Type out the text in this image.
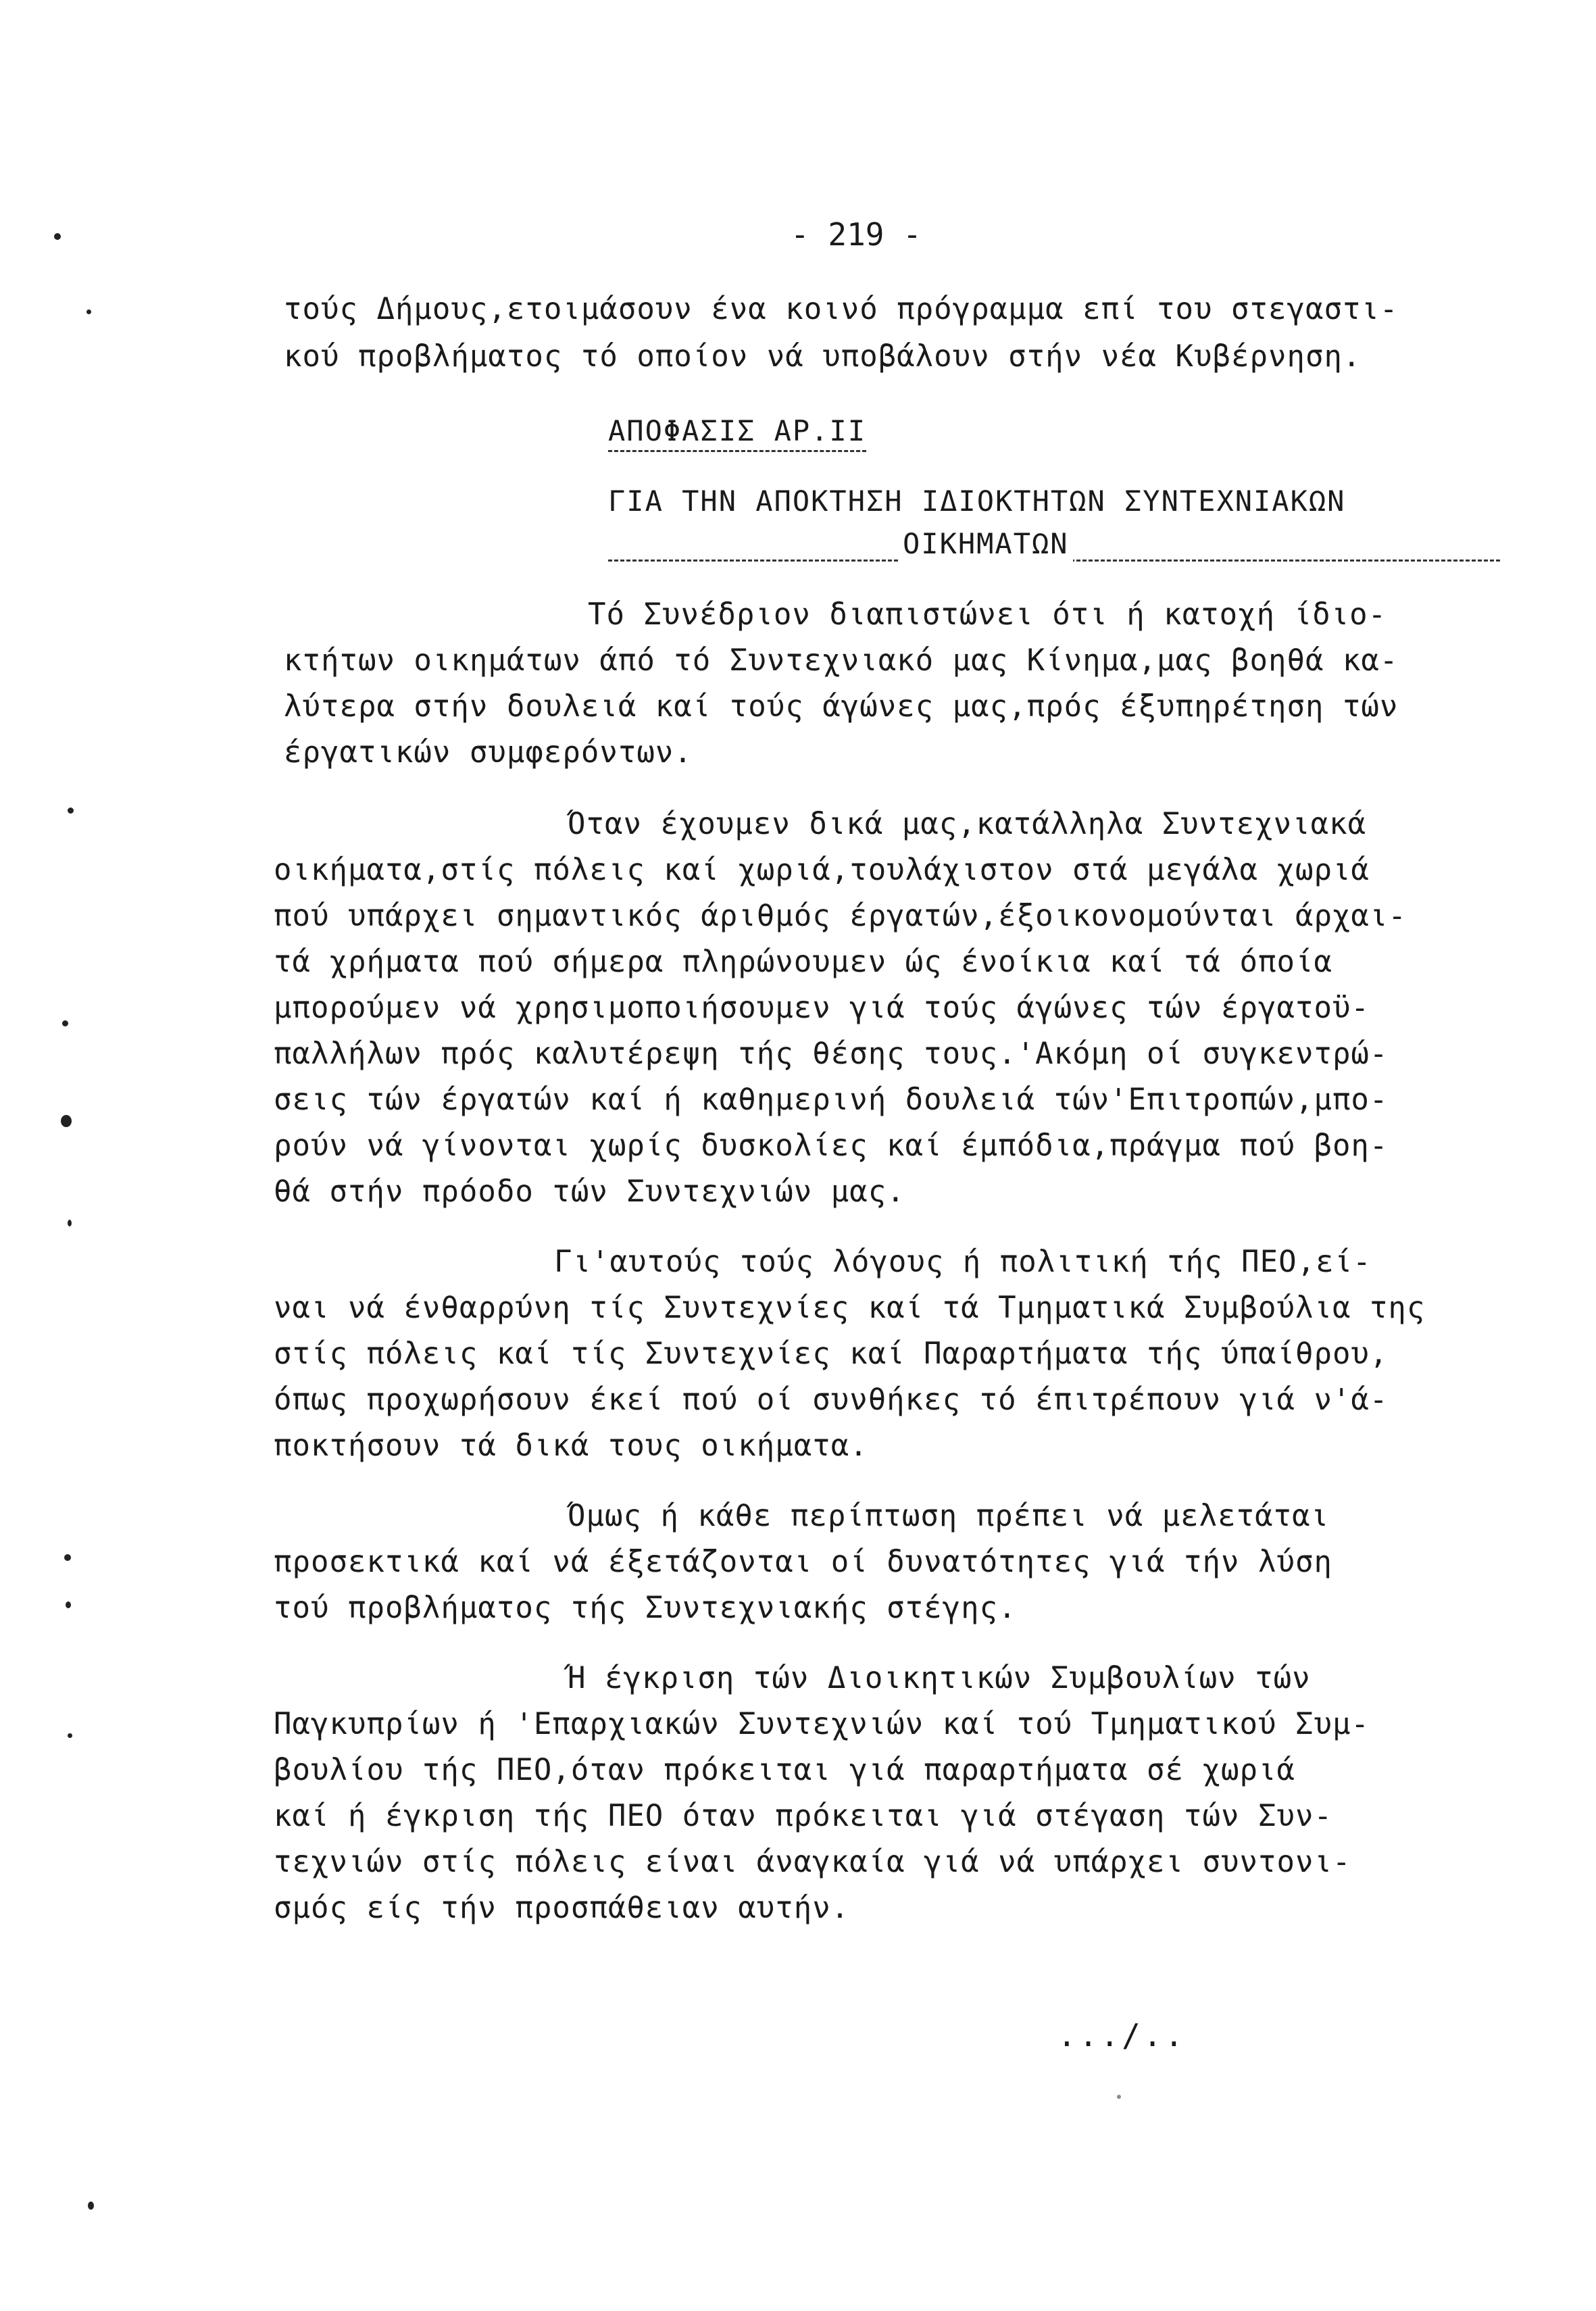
- 219 -
τούς Δήμους,ετοιμάσουν ένα κοινό πρόγραμμα επί του στεγαστι-
κού προβλήματος τό οποίον νά υποβάλουν στήν νέα Κυβέρνηση.
ΑΠΟΦΑΣΙΣ ΑΡ.ΙΙ
ΓΙΑ ΤΗΝ ΑΠΟΚΤΗΣΗ ΙΔΙΟΚΤΗΤΩΝ ΣΥΝΤΕΧΝΙΑΚΩΝ
ΟΙΚΗΜΑΤΩΝ
Τό Συνέδριον διαπιστώνει ότι ή κατοχή ίδιο-
κτήτων οικημάτων άπό τό Συντεχνιακό μας Κίνημα,μας βοηθά κα-
λύτερα στήν δουλειά καί τούς άγώνες μας,πρός έξυπηρέτηση τών
έργατικών συμφερόντων.
Όταν έχουμεν δικά μας,κατάλληλα Συντεχνιακά
οικήματα,στίς πόλεις καί χωριά,τουλάχιστον στά μεγάλα χωριά
πού υπάρχει σημαντικός άριθμός έργατών,έξοικονομούνται άρχαι-
τά χρήματα πού σήμερα πληρώνουμεν ώς ένοίκια καί τά όποία
μπορούμεν νά χρησιμοποιήσουμεν γιά τούς άγώνες τών έργατοϋ-
παλλήλων πρός καλυτέρεψη τής θέσης τους.'Ακόμη οί συγκεντρώ-
σεις τών έργατών καί ή καθημερινή δουλειά τών'Επιτροπών,μπο-
ρούν νά γίνονται χωρίς δυσκολίες καί έμπόδια,πράγμα πού βοη-
θά στήν πρόοδο τών Συντεχνιών μας.
Γι'αυτούς τούς λόγους ή πολιτική τής ΠΕΟ,εί-
ναι νά ένθαρρύνη τίς Συντεχνίες καί τά Τμηματικά Συμβούλια της
στίς πόλεις καί τίς Συντεχνίες καί Παραρτήματα τής ύπαίθρου,
όπως προχωρήσουν έκεί πού οί συνθήκες τό έπιτρέπουν γιά ν'ά-
ποκτήσουν τά δικά τους οικήματα.
Όμως ή κάθε περίπτωση πρέπει νά μελετάται
προσεκτικά καί νά έξετάζονται οί δυνατότητες γιά τήν λύση
τού προβλήματος τής Συντεχνιακής στέγης.
Ή έγκριση τών Διοικητικών Συμβουλίων τών
Παγκυπρίων ή 'Επαρχιακών Συντεχνιών καί τού Τμηματικού Συμ-
βουλίου τής ΠΕΟ,όταν πρόκειται γιά παραρτήματα σέ χωριά
καί ή έγκριση τής ΠΕΟ όταν πρόκειται γιά στέγαση τών Συν-
τεχνιών στίς πόλεις είναι άναγκαία γιά νά υπάρχει συντονι-
σμός είς τήν προσπάθειαν αυτήν.
.../..
